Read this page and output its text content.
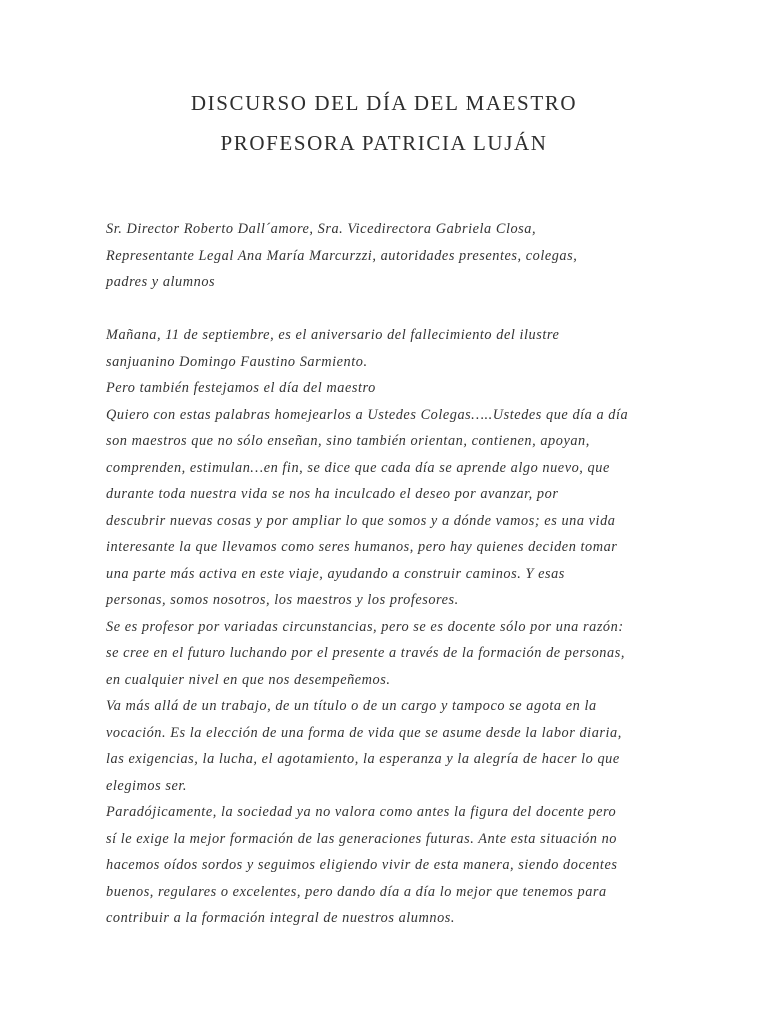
DISCURSO DEL DÍA DEL MAESTRO
PROFESORA PATRICIA LUJÁN
Sr. Director Roberto Dall´amore, Sra. Vicedirectora Gabriela Closa,
Representante Legal Ana María Marcurzzi, autoridades presentes, colegas,
padres y alumnos
Mañana, 11 de septiembre, es el aniversario del fallecimiento del ilustre
sanjuanino Domingo Faustino Sarmiento.
Pero también festejamos el día del maestro
Quiero con estas palabras homejearlos a Ustedes Colegas…..Ustedes que día a día
son maestros que no sólo enseñan, sino también orientan, contienen, apoyan,
comprenden, estimulan…en fin, se dice que cada día se aprende algo nuevo, que
durante toda nuestra vida se nos ha inculcado el deseo por avanzar, por
descubrir nuevas cosas y por ampliar lo que somos y a dónde vamos; es una vida
interesante la que llevamos como seres humanos, pero hay quienes deciden tomar
una parte más activa en este viaje, ayudando a construir caminos. Y esas
personas, somos nosotros, los maestros y los profesores.
Se es profesor por variadas circunstancias, pero se es docente sólo por una razón:
se cree en el futuro luchando por el presente a través de la formación de personas,
en cualquier nivel en que nos desempeñemos.
Va más allá de un trabajo, de un título o de un cargo y tampoco se agota en la
vocación. Es la elección de una forma de vida que se asume desde la labor diaria,
las exigencias, la lucha, el agotamiento, la esperanza y la alegría de hacer lo que
elegimos ser.
Paradójicamente, la sociedad ya no valora como antes la figura del docente pero
sí le exige la mejor formación de las generaciones futuras. Ante esta situación no
hacemos oídos sordos y seguimos eligiendo vivir de esta manera, siendo docentes
buenos, regulares o excelentes, pero dando día a día lo mejor que tenemos para
contribuir a la formación integral de nuestros alumnos.
